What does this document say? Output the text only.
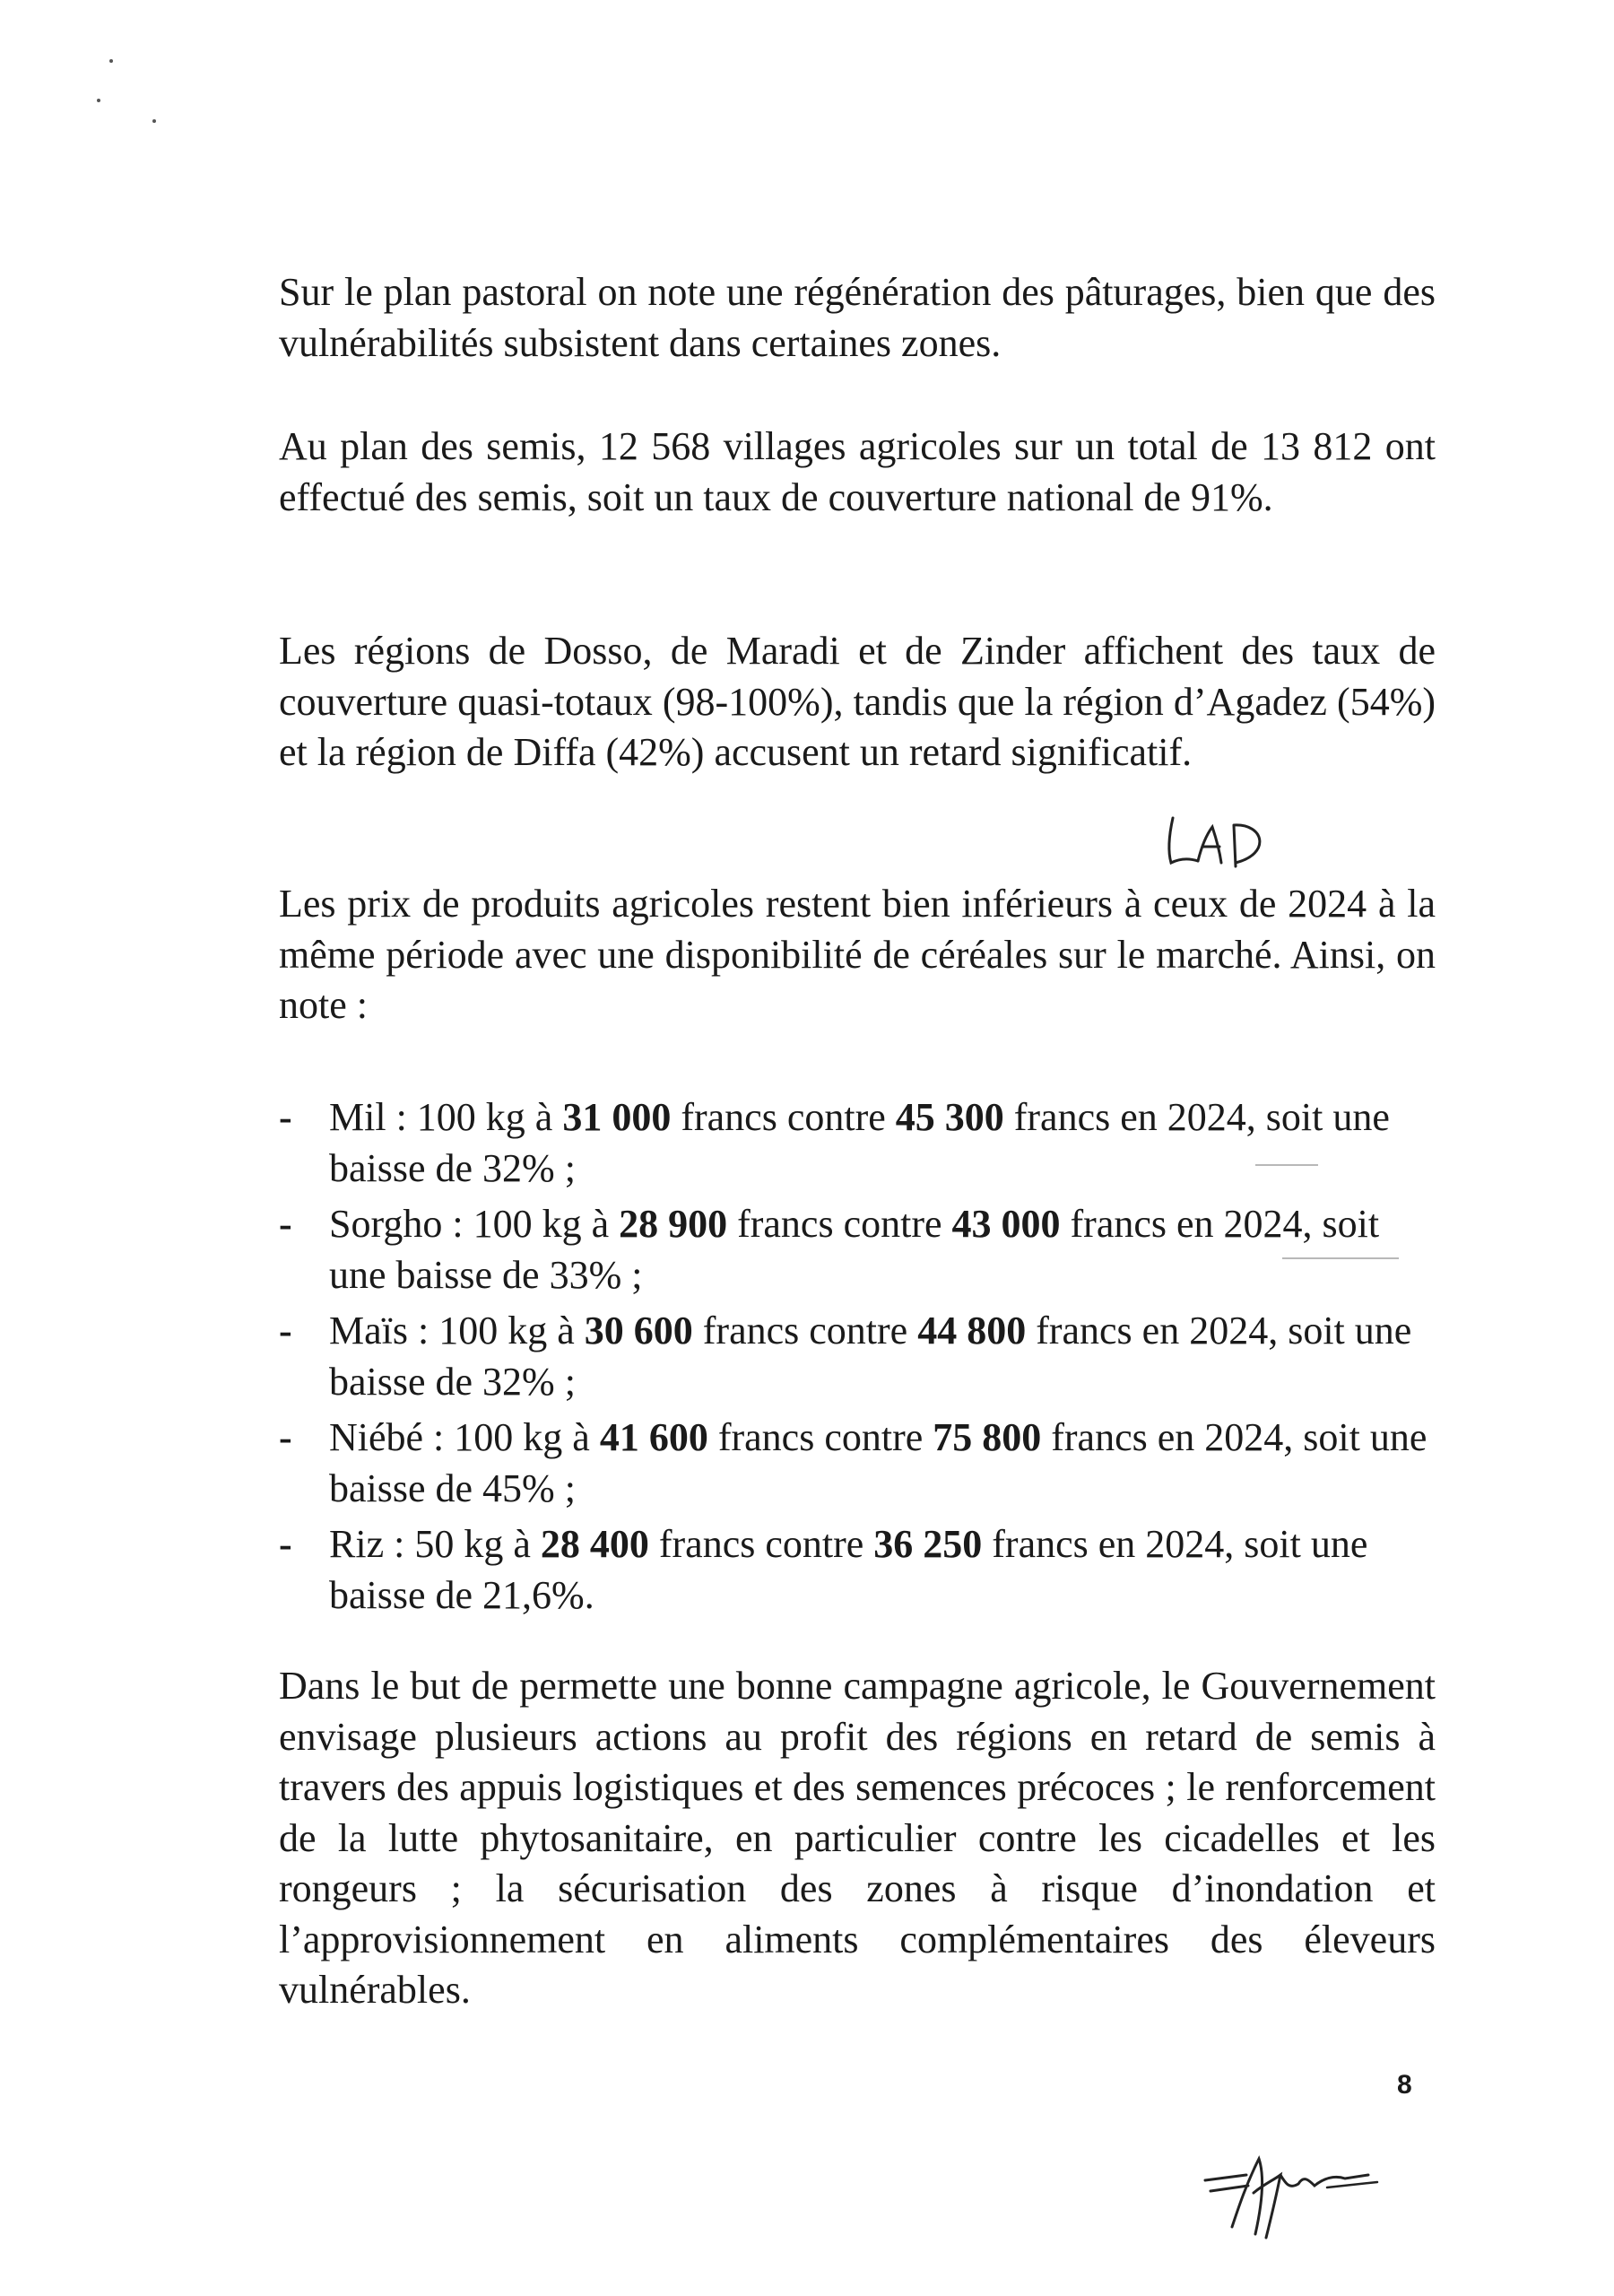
Sur le plan pastoral on note une régénération des pâturages, bien que des vulnérabilités subsistent dans certaines zones.

Au plan des semis, 12 568 villages agricoles sur un total de 13 812 ont effectué des semis, soit un taux de couverture national de 91%.

Les régions de Dosso, de Maradi et de Zinder affichent des taux de couverture quasi-totaux (98-100%), tandis que la région d’Agadez (54%) et la région de Diffa (42%) accusent un retard significatif.

Les prix de produits agricoles restent bien inférieurs à ceux de 2024 à la même période avec une disponibilité de céréales sur le marché. Ainsi, on note :

- Mil : 100 kg à 31 000 francs contre 45 300 francs en 2024, soit une baisse de 32% ;
- Sorgho : 100 kg à 28 900 francs contre 43 000 francs en 2024, soit une baisse de 33% ;
- Maïs : 100 kg à 30 600 francs contre 44 800 francs en 2024, soit une baisse de 32% ;
- Niébé : 100 kg à 41 600 francs contre 75 800 francs en 2024, soit une baisse de 45% ;
- Riz : 50 kg à 28 400 francs contre 36 250 francs en 2024, soit une baisse de 21,6%.

Dans le but de permette une bonne campagne agricole, le Gouvernement envisage plusieurs actions au profit des régions en retard de semis à travers des appuis logistiques et des semences précoces ; le renforcement de la lutte phytosanitaire, en particulier contre les cicadelles et les rongeurs ; la sécurisation des zones à risque d’inondation et l’approvisionnement en aliments complémentaires des éleveurs vulnérables.

8
